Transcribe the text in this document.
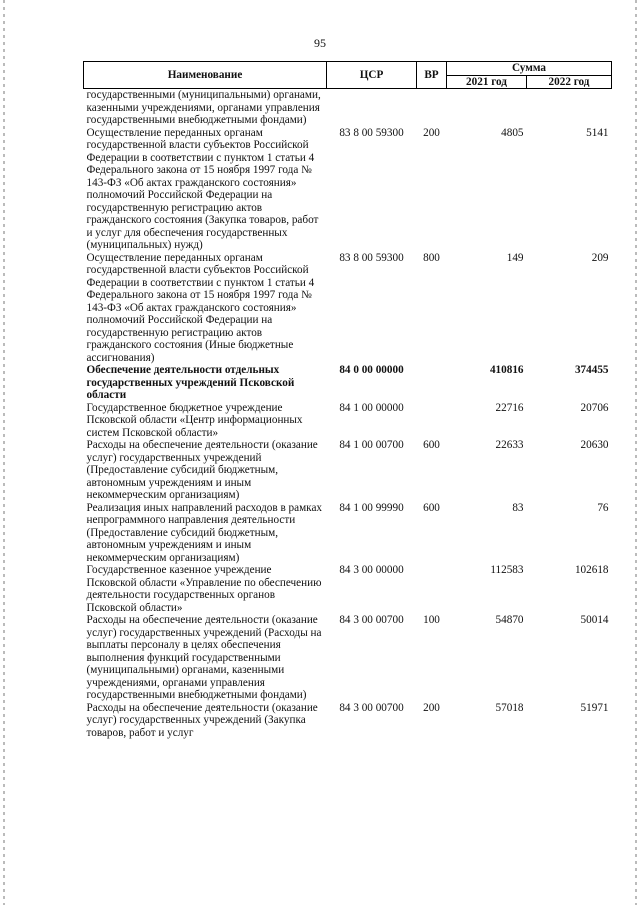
95
Наименование	ЦСР	ВР	Сумма	
			2021 год	2022 год
государственными (муниципальными) органами, казенными учреждениями, органами управления государственными внебюджетными фондами)				
Осуществление переданных органам государственной власти субъектов Российской Федерации в соответствии с пунктом 1 статьи 4 Федерального закона от 15 ноября 1997 года № 143-ФЗ «Об актах гражданского состояния» полномочий Российской Федерации на государственную регистрацию актов гражданского состояния (Закупка товаров, работ и услуг для обеспечения государственных (муниципальных) нужд)	83 8 00 59300	200	4805	5141
Осуществление переданных органам государственной власти субъектов Российской Федерации в соответствии с пунктом 1 статьи 4 Федерального закона от 15 ноября 1997 года № 143-ФЗ «Об актах гражданского состояния» полномочий Российской Федерации на государственную регистрацию актов гражданского состояния (Иные бюджетные ассигнования)	83 8 00 59300	800	149	209
Обеспечение деятельности отдельных государственных учреждений Псковской области	84 0 00 00000		410816	374455
Государственное бюджетное учреждение Псковской области «Центр информационных систем Псковской области»	84 1 00 00000		22716	20706
Расходы на обеспечение деятельности (оказание услуг) государственных учреждений (Предоставление субсидий бюджетным, автономным учреждениям и иным некоммерческим организациям)	84 1 00 00700	600	22633	20630
Реализация иных направлений расходов в рамках непрограммного направления деятельности (Предоставление субсидий бюджетным, автономным учреждениям и иным некоммерческим организациям)	84 1 00 99990	600	83	76
Государственное казенное учреждение Псковской области «Управление по обеспечению деятельности государственных органов Псковской области»	84 3 00 00000		112583	102618
Расходы на обеспечение деятельности (оказание услуг) государственных учреждений (Расходы на выплаты персоналу в целях обеспечения выполнения функций государственными (муниципальными) органами, казенными учреждениями, органами управления государственными внебюджетными фондами)	84 3 00 00700	100	54870	50014
Расходы на обеспечение деятельности (оказание услуг) государственных учреждений (Закупка товаров, работ и услуг	84 3 00 00700	200	57018	51971
